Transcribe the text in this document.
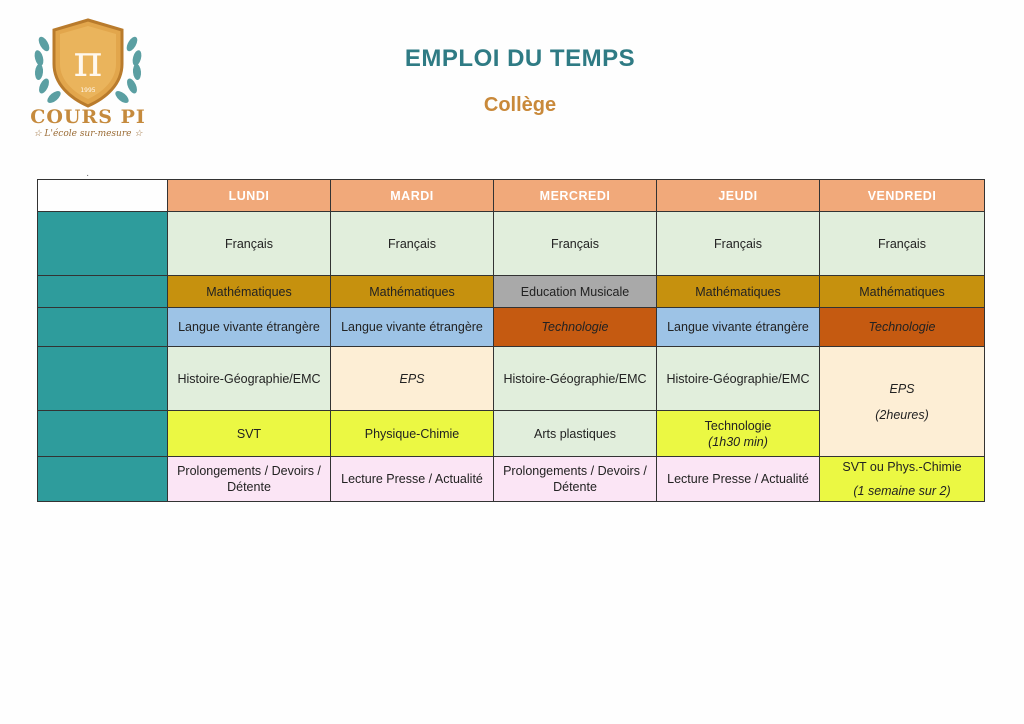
π
1995
COURS PI
☆ L'école sur-mesure ☆
EMPLOI DU TEMPS
Collège
·
	LUNDI	MARDI	MERCREDI	JEUDI	VENDREDI
	Français	Français	Français	Français	Français
	Mathématiques	Mathématiques	Education Musicale	Mathématiques	Mathématiques
	Langue vivante étrangère	Langue vivante étrangère	Technologie	Langue vivante étrangère	Technologie
	Histoire-Géographie/EMC	EPS	Histoire-Géographie/EMC	Histoire-Géographie/EMC	EPS
(2heures)
	SVT	Physique-Chimie	Arts plastiques	Technologie
(1h30 min)	
	Prolongements / Devoirs / Détente	Lecture Presse / Actualité	Prolongements / Devoirs / Détente	Lecture Presse / Actualité	SVT ou Phys.-Chimie
(1 semaine sur 2)
